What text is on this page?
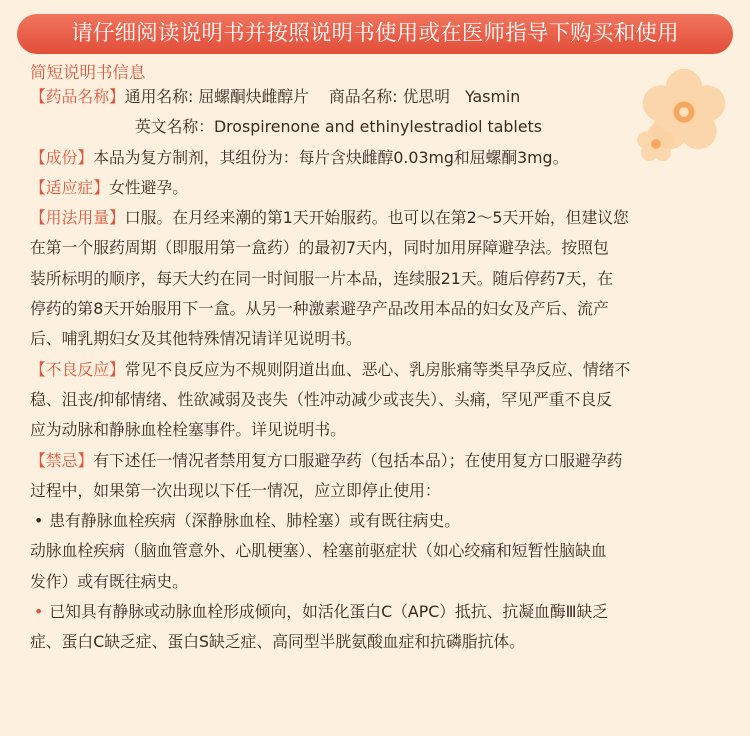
请仔细阅读说明书并按照说明书使用或在医师指导下购买和使用
简短说明书信息
【药品名称】通用名称: 屈螺酮炔雌醇片 商品名称: 优思明 Yasmin
英文名称：Drospirenone and ethinylestradiol tablets
【成份】本品为复方制剂，其组份为：每片含炔雌醇0.03mg和屈螺酮3mg。
【适应症】女性避孕。
【用法用量】口服。在月经来潮的第1天开始服药。也可以在第2～5天开始，但建议您
在第一个服药周期（即服用第一盒药）的最初7天内，同时加用屏障避孕法。按照包
装所标明的顺序，每天大约在同一时间服一片本品，连续服21天。随后停药7天，在
停药的第8天开始服用下一盒。从另一种激素避孕产品改用本品的妇女及产后、流产
后、哺乳期妇女及其他特殊情况请详见说明书。
【不良反应】常见不良反应为不规则阴道出血、恶心、乳房胀痛等类早孕反应、情绪不
稳、沮丧/抑郁情绪、性欲减弱及丧失（性冲动减少或丧失）、头痛，罕见严重不良反
应为动脉和静脉血栓栓塞事件。详见说明书。
【禁忌】有下述任一情况者禁用复方口服避孕药（包括本品）；在使用复方口服避孕药
过程中，如果第一次出现以下任一情况，应立即停止使用：
• 患有静脉血栓疾病（深静脉血栓、肺栓塞）或有既往病史。
动脉血栓疾病（脑血管意外、心肌梗塞）、栓塞前驱症状（如心绞痛和短暂性脑缺血
发作）或有既往病史。
• 已知具有静脉或动脉血栓形成倾向，如活化蛋白C（APC）抵抗、抗凝血酶Ⅲ缺乏
症、蛋白C缺乏症、蛋白S缺乏症、高同型半胱氨酸血症和抗磷脂抗体。
